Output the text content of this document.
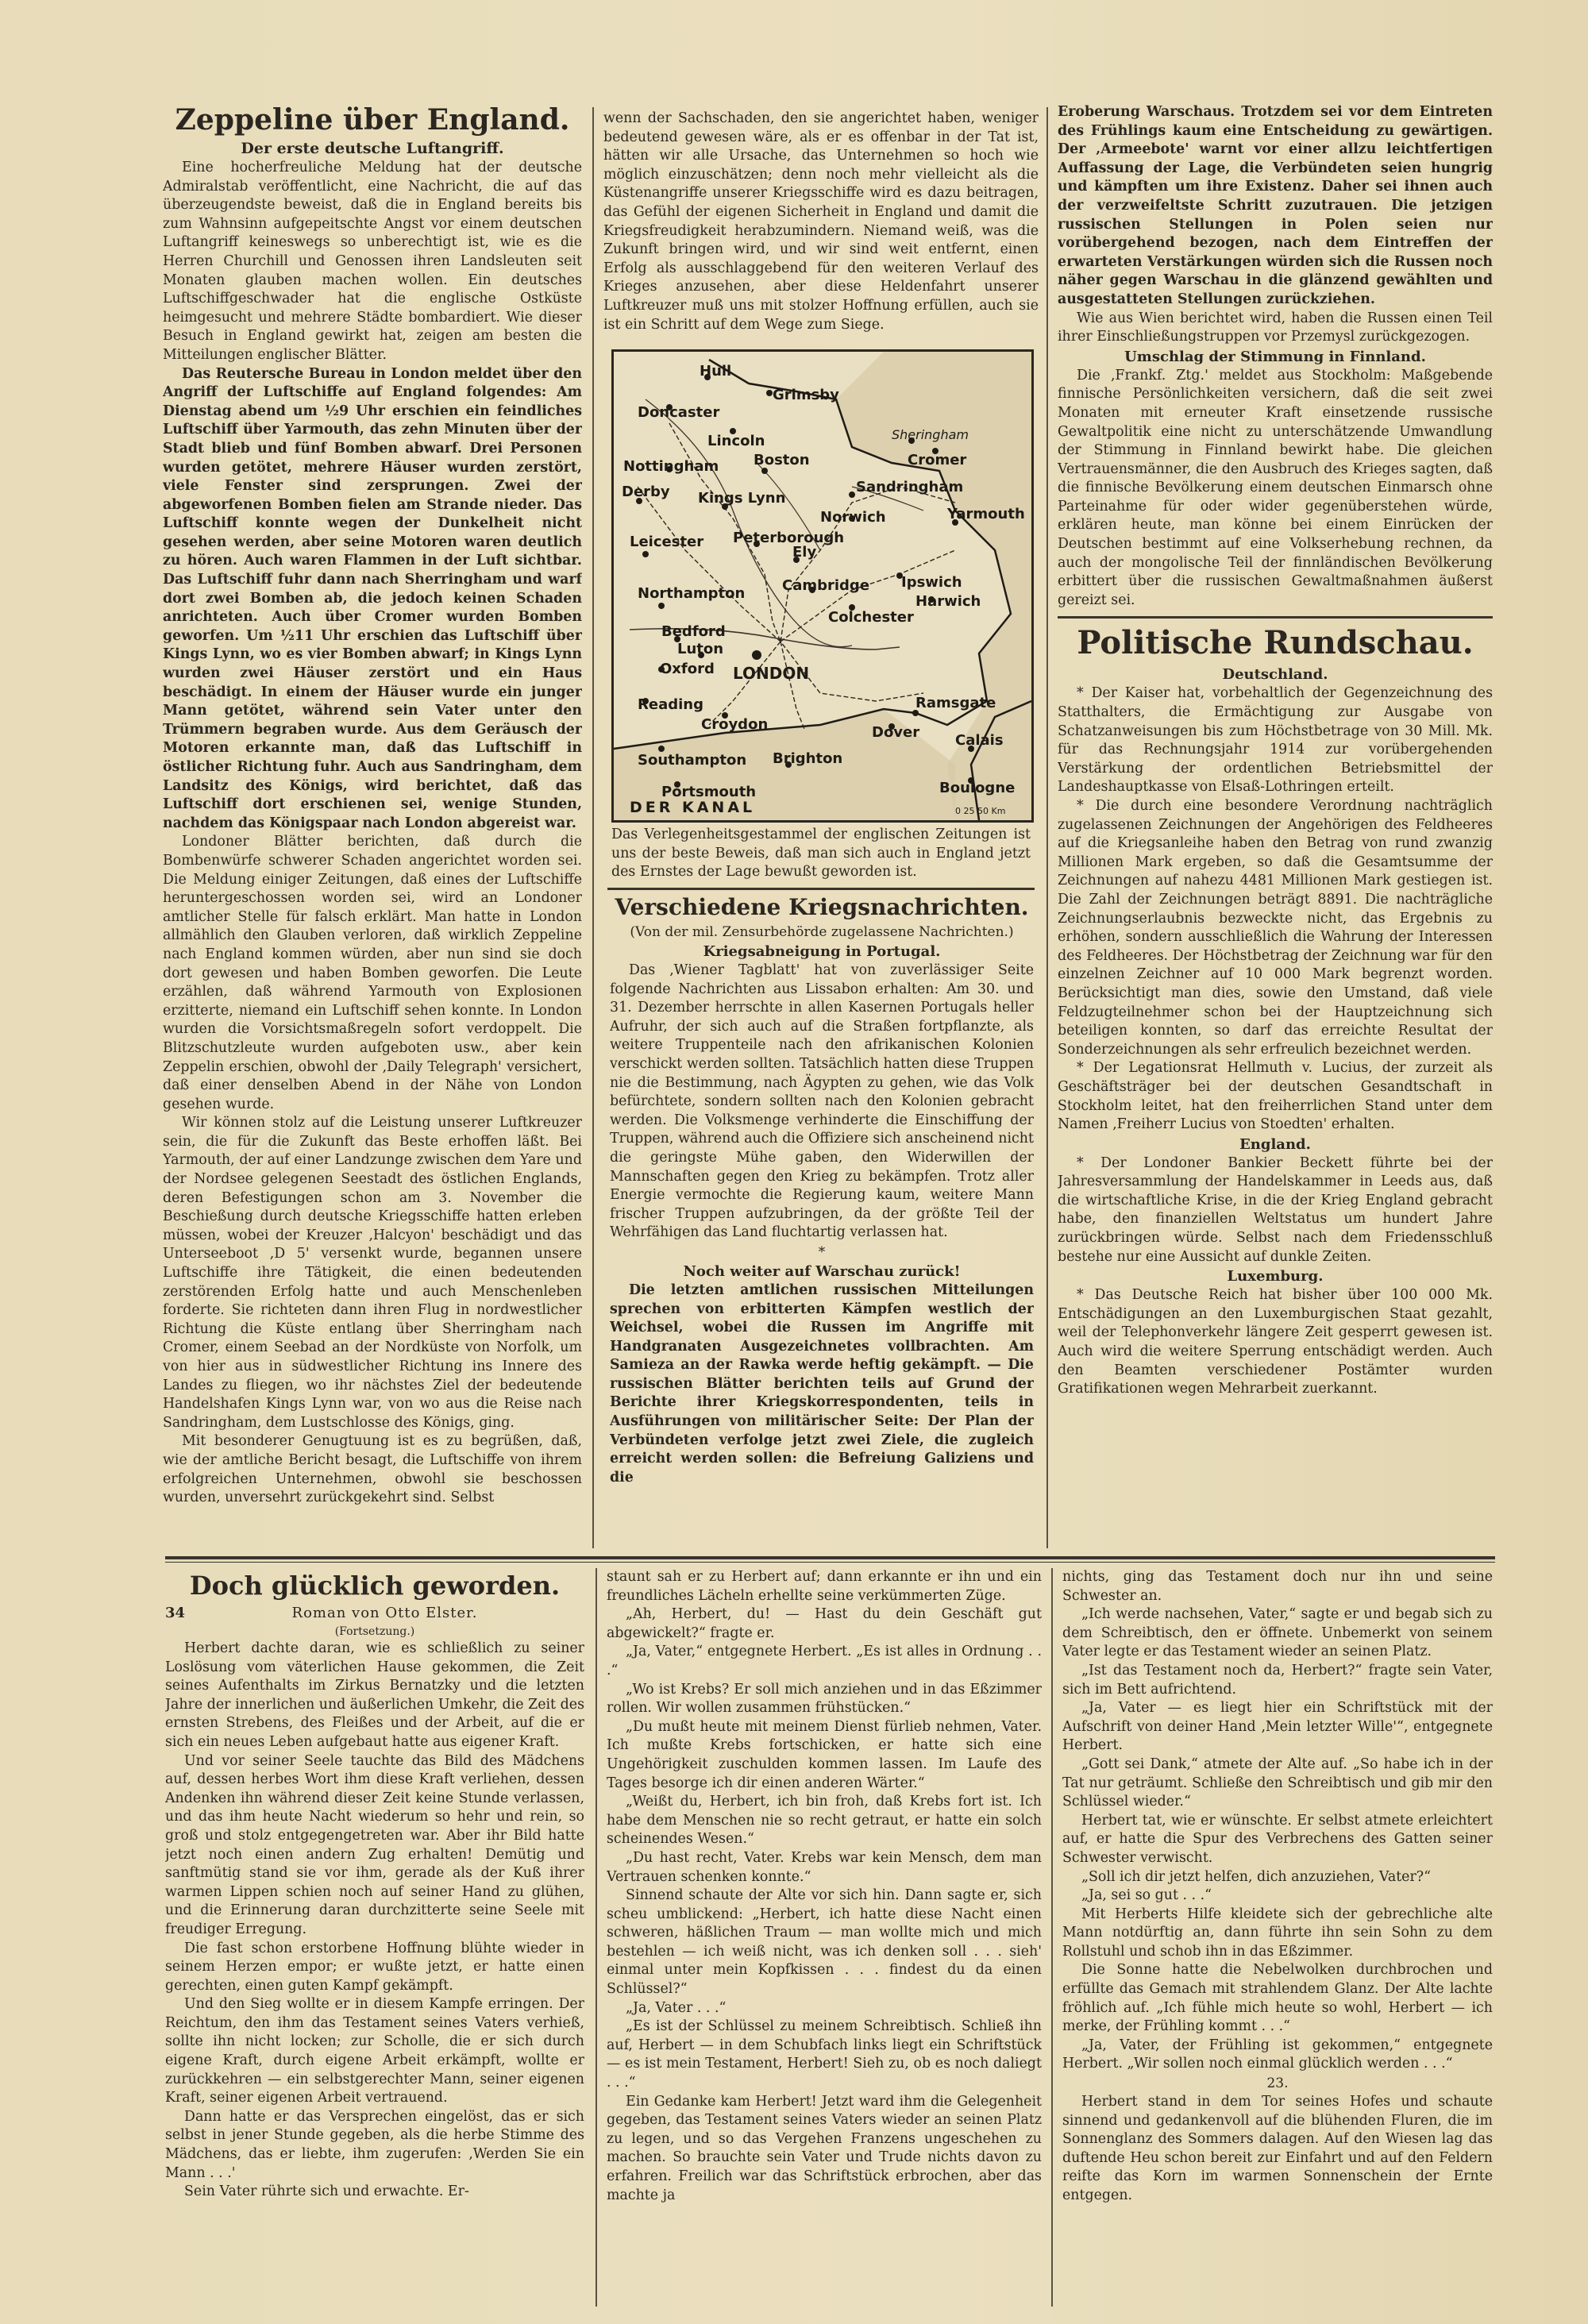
Zeppeline über England.

Der erste deutsche Luftangriff.

Eine hocherfreuliche Meldung hat der deutsche Admiralstab veröffentlicht, eine Nachricht, die auf das überzeugendste beweist, daß die in England bereits bis zum Wahnsinn aufgepeitschte Angst vor einem deutschen Luftangriff keineswegs so unberechtigt ist, wie es die Herren Churchill und Genossen ihren Landsleuten seit Monaten glauben machen wollen. Ein deutsches Luftschiffgeschwader hat die englische Ostküste heimgesucht und mehrere Städte bombardiert. Wie dieser Besuch in England gewirkt hat, zeigen am besten die Mitteilungen englischer Blätter.

Das Reutersche Bureau in London meldet über den Angriff der Luftschiffe auf England folgendes: Am Dienstag abend um ½9 Uhr erschien ein feindliches Luftschiff über Yarmouth, das zehn Minuten über der Stadt blieb und fünf Bomben abwarf. Drei Personen wurden getötet, mehrere Häuser wurden zerstört, viele Fenster sind zersprungen. Zwei der abgeworfenen Bomben fielen am Strande nieder. Das Luftschiff konnte wegen der Dunkelheit nicht gesehen werden, aber seine Motoren waren deutlich zu hören. Auch waren Flammen in der Luft sichtbar. Das Luftschiff fuhr dann nach Sherringham und warf dort zwei Bomben ab, die jedoch keinen Schaden anrichteten. Auch über Cromer wurden Bomben geworfen. Um ½11 Uhr erschien das Luftschiff über Kings Lynn, wo es vier Bomben abwarf; in Kings Lynn wurden zwei Häuser zerstört und ein Haus beschädigt. In einem der Häuser wurde ein junger Mann getötet, während sein Vater unter den Trümmern begraben wurde. Aus dem Geräusch der Motoren erkannte man, daß das Luftschiff in östlicher Richtung fuhr. Auch aus Sandringham, dem Landsitz des Königs, wird berichtet, daß das Luftschiff dort erschienen sei, wenige Stunden, nachdem das Königspaar nach London abgereist war.

Londoner Blätter berichten, daß durch die Bombenwürfe schwerer Schaden angerichtet worden sei. Die Meldung einiger Zeitungen, daß eines der Luftschiffe heruntergeschossen worden sei, wird an Londoner amtlicher Stelle für falsch erklärt. Man hatte in London allmählich den Glauben verloren, daß wirklich Zeppeline nach England kommen würden, aber nun sind sie doch dort gewesen und haben Bomben geworfen. Die Leute erzählen, daß während Yarmouth von Explosionen erzitterte, niemand ein Luftschiff sehen konnte. In London wurden die Vorsichtsmaßregeln sofort verdoppelt. Die Blitzschutzleute wurden aufgeboten usw., aber kein Zeppelin erschien, obwohl der ‚Daily Telegraph' versichert, daß einer denselben Abend in der Nähe von London gesehen wurde.

Wir können stolz auf die Leistung unserer Luftkreuzer sein, die für die Zukunft das Beste erhoffen läßt. Bei Yarmouth, der auf einer Landzunge zwischen dem Yare und der Nordsee gelegenen Seestadt des östlichen Englands, deren Befestigungen schon am 3. November die Beschießung durch deutsche Kriegsschiffe hatten erleben müssen, wobei der Kreuzer ‚Halcyon' beschädigt und das Unterseeboot ‚D 5' versenkt wurde, begannen unsere Luftschiffe ihre Tätigkeit, die einen bedeutenden zerstörenden Erfolg hatte und auch Menschenleben forderte. Sie richteten dann ihren Flug in nordwestlicher Richtung die Küste entlang über Sherringham nach Cromer, einem Seebad an der Nordküste von Norfolk, um von hier aus in südwestlicher Richtung ins Innere des Landes zu fliegen, wo ihr nächstes Ziel der bedeutende Handelshafen Kings Lynn war, von wo aus die Reise nach Sandringham, dem Lustschlosse des Königs, ging.

Mit besonderer Genugtuung ist es zu begrüßen, daß, wie der amtliche Bericht besagt, die Luftschiffe von ihrem erfolgreichen Unternehmen, obwohl sie beschossen wurden, unversehrt zurückgekehrt sind. Selbst

wenn der Sachschaden, den sie angerichtet haben, weniger bedeutend gewesen wäre, als er es offenbar in der Tat ist, hätten wir alle Ursache, das Unternehmen so hoch wie möglich einzuschätzen; denn noch mehr vielleicht als die Küstenangriffe unserer Kriegsschiffe wird es dazu beitragen, das Gefühl der eigenen Sicherheit in England und damit die Kriegsfreudigkeit herabzumindern. Niemand weiß, was die Zukunft bringen wird, und wir sind weit entfernt, einen Erfolg als ausschlaggebend für den weiteren Verlauf des Krieges anzusehen, aber diese Heldenfahrt unserer Luftkreuzer muß uns mit stolzer Hoffnung erfüllen, auch sie ist ein Schritt auf dem Wege zum Siege.

Hull
Grimsby
Doncaster
Lincoln
Nottingham Boston
Sheringham
Cromer
Derby	Sandringham
Kings Lynn
Norwich
Leicester Peterborough
Yarmouth
Ely
Northampton	Cambridge Ipswich
Bedford
Luton
Harwich
Colchester
Oxford LONDON
Reading
Croydon
Ramsgate
Dover
Southampton Brighton
Calais
Portsmouth	Boulogne
DER KANAL	0 25 50 Km
Das Verlegenheitsgestammel der englischen Zeitungen ist uns der beste Beweis, daß man sich auch in England jetzt des Ernstes der Lage bewußt geworden ist.
Verschiedene Kriegsnachrichten.

(Von der mil. Zensurbehörde zugelassene Nachrichten.)

Kriegsabneigung in Portugal.

Das ‚Wiener Tagblatt' hat von zuverlässiger Seite folgende Nachrichten aus Lissabon erhalten: Am 30. und 31. Dezember herrschte in allen Kasernen Portugals heller Aufruhr, der sich auch auf die Straßen fortpflanzte, als weitere Truppenteile nach den afrikanischen Kolonien verschickt werden sollten. Tatsächlich hatten diese Truppen nie die Bestimmung, nach Ägypten zu gehen, wie das Volk befürchtete, sondern sollten nach den Kolonien gebracht werden. Die Volksmenge verhinderte die Einschiffung der Truppen, während auch die Offiziere sich anscheinend nicht die geringste Mühe gaben, den Widerwillen der Mannschaften gegen den Krieg zu bekämpfen. Trotz aller Energie vermochte die Regierung kaum, weitere Mann frischer Truppen aufzubringen, da der größte Teil der Wehrfähigen das Land fluchtartig verlassen hat.

*

Noch weiter auf Warschau zurück!

Die letzten amtlichen russischen Mitteilungen sprechen von erbitterten Kämpfen westlich der Weichsel, wobei die Russen im Angriffe mit Handgranaten Ausgezeichnetes vollbrachten. Am Samieza an der Rawka werde heftig gekämpft. — Die russischen Blätter berichten teils auf Grund der Berichte ihrer Kriegskorrespondenten, teils in Ausführungen von militärischer Seite: Der Plan der Verbündeten verfolge jetzt zwei Ziele, die zugleich erreicht werden sollen: die Befreiung Galiziens und die

Eroberung Warschaus. Trotzdem sei vor dem Eintreten des Frühlings kaum eine Entscheidung zu gewärtigen. Der ‚Armeebote' warnt vor einer allzu leichtfertigen Auffassung der Lage, die Verbündeten seien hungrig und kämpften um ihre Existenz. Daher sei ihnen auch der verzweifeltste Schritt zuzutrauen. Die jetzigen russischen Stellungen in Polen seien nur vorübergehend bezogen, nach dem Eintreffen der erwarteten Verstärkungen würden sich die Russen noch näher gegen Warschau in die glänzend gewählten und ausgestatteten Stellungen zurückziehen.

Wie aus Wien berichtet wird, haben die Russen einen Teil ihrer Einschließungstruppen vor Przemysl zurückgezogen.

Umschlag der Stimmung in Finnland.

Die ‚Frankf. Ztg.' meldet aus Stockholm: Maßgebende finnische Persönlichkeiten versichern, daß die seit zwei Monaten mit erneuter Kraft einsetzende russische Gewaltpolitik eine nicht zu unterschätzende Umwandlung der Stimmung in Finnland bewirkt habe. Die gleichen Vertrauensmänner, die den Ausbruch des Krieges sagten, daß die finnische Bevölkerung einem deutschen Einmarsch ohne Parteinahme für oder wider gegenüberstehen würde, erklären heute, man könne bei einem Einrücken der Deutschen bestimmt auf eine Volkserhebung rechnen, da auch der mongolische Teil der finnländischen Bevölkerung erbittert über die russischen Gewaltmaßnahmen äußerst gereizt sei.

Politische Rundschau.

Deutschland.

* Der Kaiser hat, vorbehaltlich der Gegenzeichnung des Statthalters, die Ermächtigung zur Ausgabe von Schatzanweisungen bis zum Höchstbetrage von 30 Mill. Mk. für das Rechnungsjahr 1914 zur vorübergehenden Verstärkung der ordentlichen Betriebsmittel der Landeshauptkasse von Elsaß-Lothringen erteilt.

* Die durch eine besondere Verordnung nachträglich zugelassenen Zeichnungen der Angehörigen des Feldheeres auf die Kriegsanleihe haben den Betrag von rund zwanzig Millionen Mark ergeben, so daß die Gesamtsumme der Zeichnungen auf nahezu 4481 Millionen Mark gestiegen ist. Die Zahl der Zeichnungen beträgt 8891. Die nachträgliche Zeichnungserlaubnis bezweckte nicht, das Ergebnis zu erhöhen, sondern ausschließlich die Wahrung der Interessen des Feldheeres. Der Höchstbetrag der Zeichnung war für den einzelnen Zeichner auf 10 000 Mark begrenzt worden. Berücksichtigt man dies, sowie den Umstand, daß viele Feldzugteilnehmer schon bei der Hauptzeichnung sich beteiligen konnten, so darf das erreichte Resultat der Sonderzeichnungen als sehr erfreulich bezeichnet werden.

* Der Legationsrat Hellmuth v. Lucius, der zurzeit als Geschäftsträger bei der deutschen Gesandtschaft in Stockholm leitet, hat den freiherrlichen Stand unter dem Namen ‚Freiherr Lucius von Stoedten' erhalten.

England.

* Der Londoner Bankier Beckett führte bei der Jahresversammlung der Handelskammer in Leeds aus, daß die wirtschaftliche Krise, in die der Krieg England gebracht habe, den finanziellen Weltstatus um hundert Jahre zurückbringen würde. Selbst nach dem Friedensschluß bestehe nur eine Aussicht auf dunkle Zeiten.

Luxemburg.

* Das Deutsche Reich hat bisher über 100 000 Mk. Entschädigungen an den Luxemburgischen Staat gezahlt, weil der Telephonverkehr längere Zeit gesperrt gewesen ist. Auch wird die weitere Sperrung entschädigt werden. Auch den Beamten verschiedener Postämter wurden Gratifikationen wegen Mehrarbeit zuerkannt.

Doch glücklich geworden.
34	Roman von Otto Elster.

(Fortsetzung.)

Herbert dachte daran, wie es schließlich zu seiner Loslösung vom väterlichen Hause gekommen, die Zeit seines Aufenthalts im Zirkus Bernatzky und die letzten Jahre der innerlichen und äußerlichen Umkehr, die Zeit des ernsten Strebens, des Fleißes und der Arbeit, auf die er sich ein neues Leben aufgebaut hatte aus eigener Kraft.

Und vor seiner Seele tauchte das Bild des Mädchens auf, dessen herbes Wort ihm diese Kraft verliehen, dessen Andenken ihn während dieser Zeit keine Stunde verlassen, und das ihm heute Nacht wiederum so hehr und rein, so groß und stolz entgegengetreten war. Aber ihr Bild hatte jetzt noch einen andern Zug erhalten! Demütig und sanftmütig stand sie vor ihm, gerade als der Kuß ihrer warmen Lippen schien noch auf seiner Hand zu glühen, und die Erinnerung daran durchzitterte seine Seele mit freudiger Erregung.

Die fast schon erstorbene Hoffnung blühte wieder in seinem Herzen empor; er wußte jetzt, er hatte einen gerechten, einen guten Kampf gekämpft.

Und den Sieg wollte er in diesem Kampfe erringen. Der Reichtum, den ihm das Testament seines Vaters verhieß, sollte ihn nicht locken; zur Scholle, die er sich durch eigene Kraft, durch eigene Arbeit erkämpft, wollte er zurückkehren — ein selbstgerechter Mann, seiner eigenen Kraft, seiner eigenen Arbeit vertrauend.

Dann hatte er das Versprechen eingelöst, das er sich selbst in jener Stunde gegeben, als die herbe Stimme des Mädchens, das er liebte, ihm zugerufen: ‚Werden Sie ein Mann . . .'

Sein Vater rührte sich und erwachte. Er-

staunt sah er zu Herbert auf; dann erkannte er ihn und ein freundliches Lächeln erhellte seine verkümmerten Züge.

„Ah, Herbert, du! — Hast du dein Geschäft gut abgewickelt?“ fragte er.

„Ja, Vater,“ entgegnete Herbert. „Es ist alles in Ordnung . . .“

„Wo ist Krebs? Er soll mich anziehen und in das Eßzimmer rollen. Wir wollen zusammen frühstücken.“

„Du mußt heute mit meinem Dienst fürlieb nehmen, Vater. Ich mußte Krebs fortschicken, er hatte sich eine Ungehörigkeit zuschulden kommen lassen. Im Laufe des Tages besorge ich dir einen anderen Wärter.“

„Weißt du, Herbert, ich bin froh, daß Krebs fort ist. Ich habe dem Menschen nie so recht getraut, er hatte ein solch scheinendes Wesen.“

„Du hast recht, Vater. Krebs war kein Mensch, dem man Vertrauen schenken konnte.“

Sinnend schaute der Alte vor sich hin. Dann sagte er, sich scheu umblickend: „Herbert, ich hatte diese Nacht einen schweren, häßlichen Traum — man wollte mich und mich bestehlen — ich weiß nicht, was ich denken soll . . . sieh' einmal unter mein Kopfkissen . . . findest du da einen Schlüssel?“

„Ja, Vater . . .“

„Es ist der Schlüssel zu meinem Schreibtisch. Schließ ihn auf, Herbert — in dem Schubfach links liegt ein Schriftstück — es ist mein Testament, Herbert! Sieh zu, ob es noch daliegt . . .“

Ein Gedanke kam Herbert! Jetzt ward ihm die Gelegenheit gegeben, das Testament seines Vaters wieder an seinen Platz zu legen, und so das Vergehen Franzens ungeschehen zu machen. So brauchte sein Vater und Trude nichts davon zu erfahren. Freilich war das Schriftstück erbrochen, aber das machte ja

nichts, ging das Testament doch nur ihn und seine Schwester an.

„Ich werde nachsehen, Vater,“ sagte er und begab sich zu dem Schreibtisch, den er öffnete. Unbemerkt von seinem Vater legte er das Testament wieder an seinen Platz.

„Ist das Testament noch da, Herbert?“ fragte sein Vater, sich im Bett aufrichtend.

„Ja, Vater — es liegt hier ein Schriftstück mit der Aufschrift von deiner Hand ‚Mein letzter Wille'“, entgegnete Herbert.

„Gott sei Dank,“ atmete der Alte auf. „So habe ich in der Tat nur geträumt. Schließe den Schreibtisch und gib mir den Schlüssel wieder.“

Herbert tat, wie er wünschte. Er selbst atmete erleichtert auf, er hatte die Spur des Verbrechens des Gatten seiner Schwester verwischt.

„Soll ich dir jetzt helfen, dich anzuziehen, Vater?“

„Ja, sei so gut . . .“

Mit Herberts Hilfe kleidete sich der gebrechliche alte Mann notdürftig an, dann führte ihn sein Sohn zu dem Rollstuhl und schob ihn in das Eßzimmer.

Die Sonne hatte die Nebelwolken durchbrochen und erfüllte das Gemach mit strahlendem Glanz. Der Alte lachte fröhlich auf. „Ich fühle mich heute so wohl, Herbert — ich merke, der Frühling kommt . . .“

„Ja, Vater, der Frühling ist gekommen,“ entgegnete Herbert. „Wir sollen noch einmal glücklich werden . . .“

23.

Herbert stand in dem Tor seines Hofes und schaute sinnend und gedankenvoll auf die blühenden Fluren, die im Sonnenglanz des Sommers dalagen. Auf den Wiesen lag das duftende Heu schon bereit zur Einfahrt und auf den Feldern reifte das Korn im warmen Sonnenschein der Ernte entgegen.
